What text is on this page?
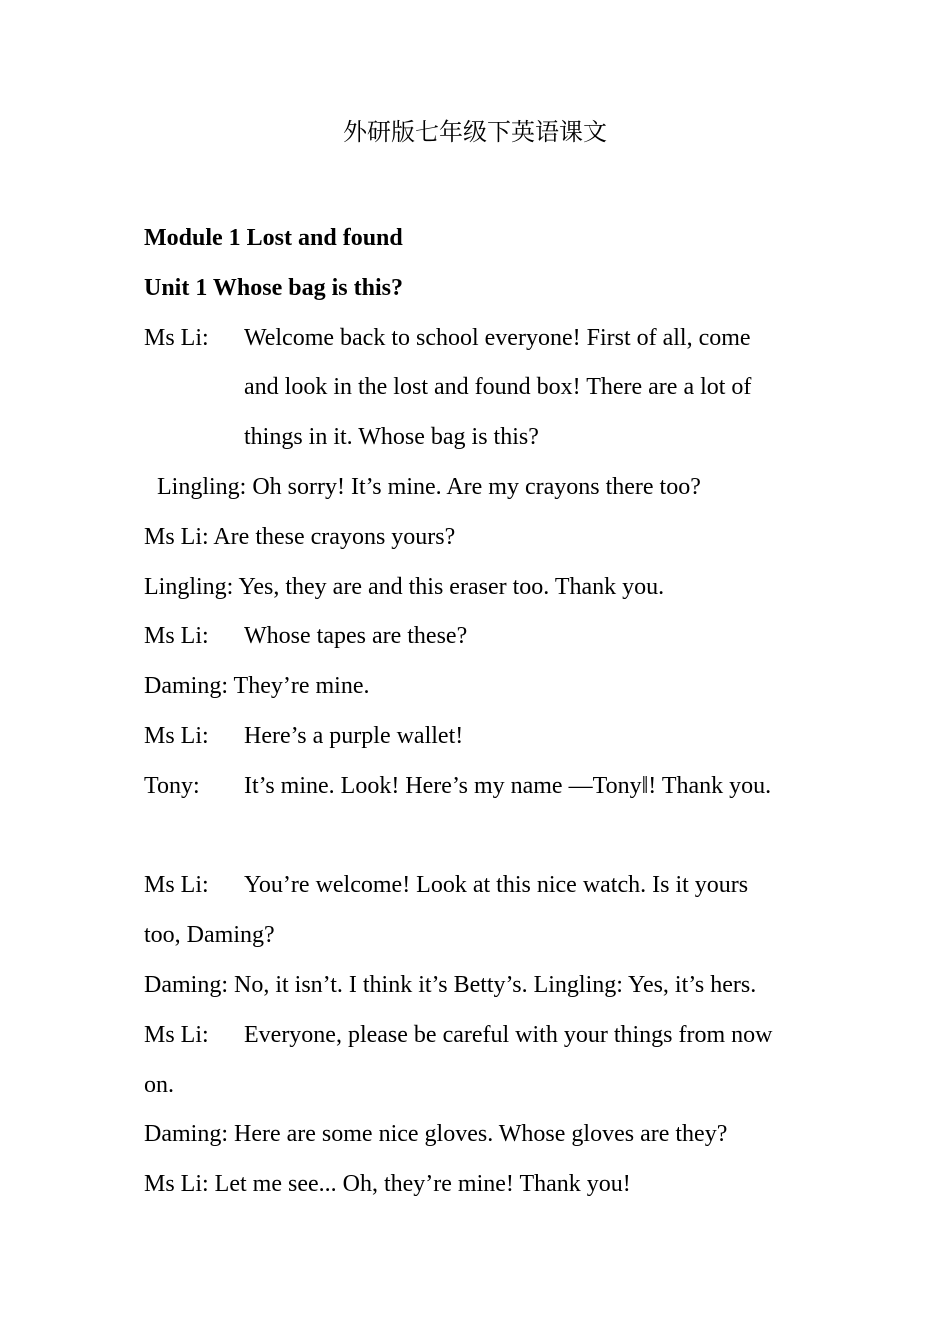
外研版七年级下英语课文
Module 1 Lost and found
Unit 1 Whose bag is this?
Ms Li: Welcome back to school everyone! First of all, come
and look in the lost and found box! There are a lot of
things in it. Whose bag is this?
Lingling: Oh sorry! It’s mine. Are my crayons there too?
Ms Li: Are these crayons yours?
Lingling: Yes, they are and this eraser too. Thank you.
Ms Li: Whose tapes are these?
Daming: They’re mine.
Ms Li: Here’s a purple wallet!
Tony: It’s mine. Look! Here’s my name ―Tony‖! Thank you.
Ms Li: You’re welcome! Look at this nice watch. Is it yours
too, Daming?
Daming: No, it isn’t. I think it’s Betty’s. Lingling: Yes, it’s hers.
Ms Li: Everyone, please be careful with your things from now
on.
Daming: Here are some nice gloves. Whose gloves are they?
Ms Li: Let me see... Oh, they’re mine! Thank you!
